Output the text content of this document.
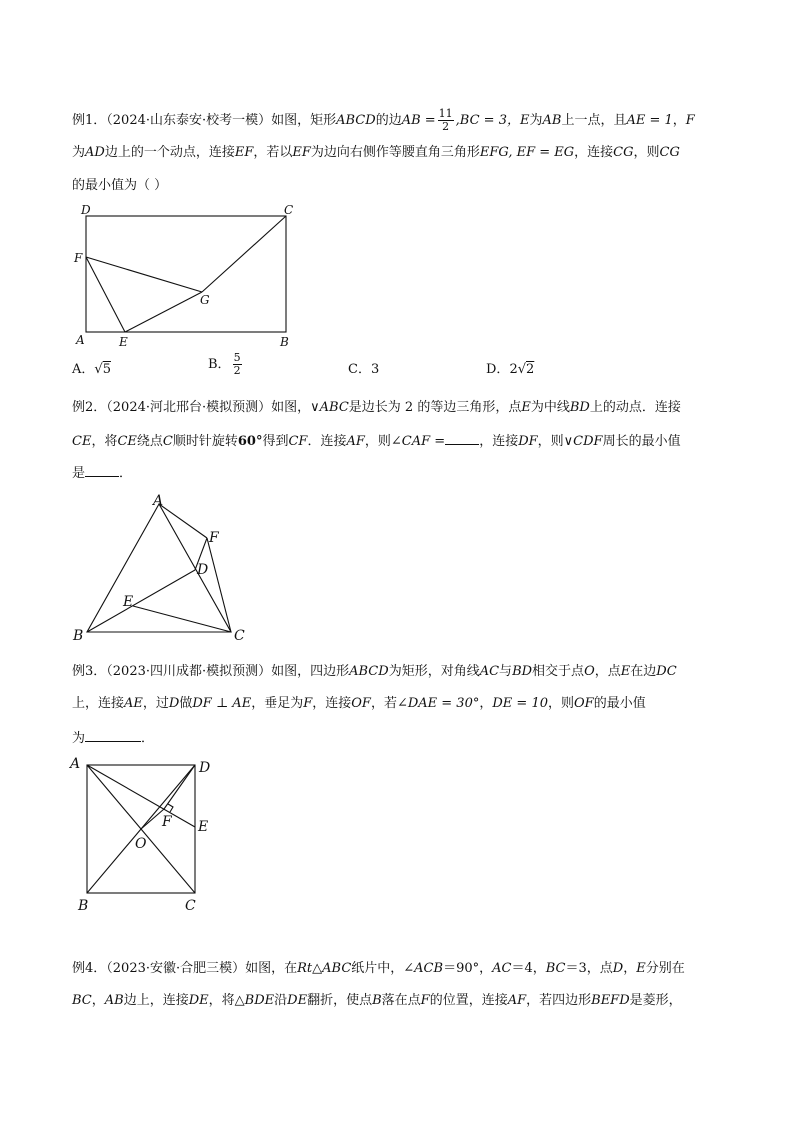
例1．（2024·山东泰安·校考一模）如图，矩形ABCD的边AB = $\frac{11}{2} ,BC = 3$，E为AB上一点，且AE = 1，F
为AD边上的一个动点，连接EF，若以EF为边向右侧作等腰直角三角形EFG, EF = EG，连接CG，则CG
的最小值为（ ）
D	C
F
G
A	E	B
A．√5	B． $\frac{5}{2}$	C．3	D．2√2
例2．（2024·河北邢台·模拟预测）如图，∨ABC是边长为 2 的等边三角形，点E为中线BD上的动点．连接
CE，将CE绕点C顺时针旋转60°得到CF．连接AF，则∠CAF =	，连接DF，则∨CDF周长的最小值
是	．
A
F
D
E
B	C
例3．（2023·四川成都·模拟预测）如图，四边形ABCD为矩形，对角线AC与BD相交于点O，点E在边DC
上，连接AE，过D做DF ⊥ AE，垂足为F，连接OF，若∠DAE = 30°，DE = 10，则OF的最小值
为	．
A	D
F E
O
B	C
例4．（2023·安徽·合肥三模）如图，在Rt△ABC纸片中，∠ACB＝90°，AC＝4，BC＝3，点D，E分别在
BC，AB边上，连接DE，将△BDE沿DE翻折，使点B落在点F的位置，连接AF，若四边形BEFD是菱形，
